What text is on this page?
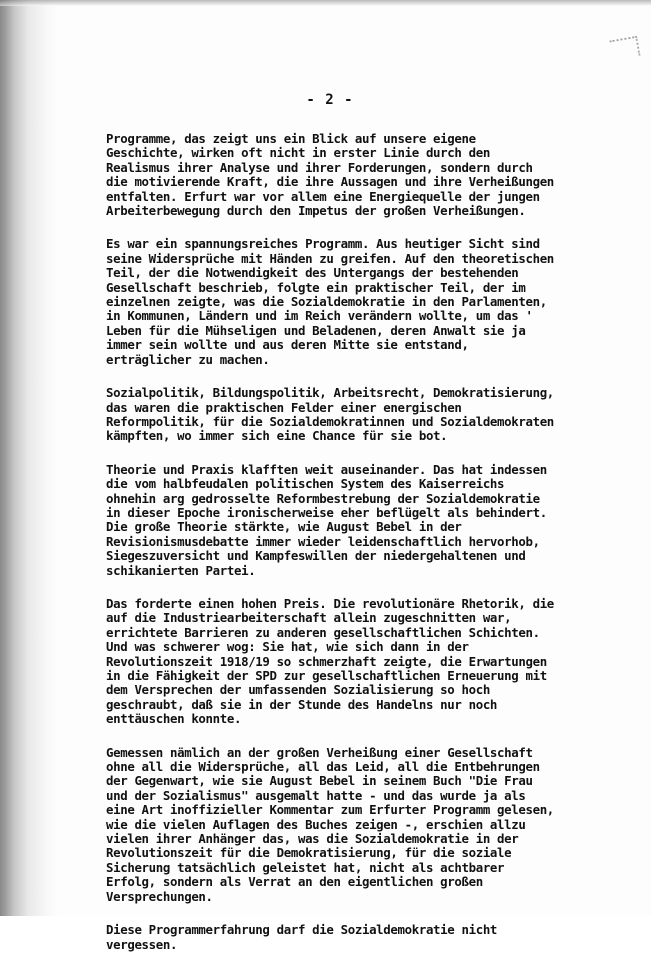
- 2 -
Programme, das zeigt uns ein Blick auf unsere eigene
Geschichte, wirken oft nicht in erster Linie durch den
Realismus ihrer Analyse und ihrer Forderungen, sondern durch
die motivierende Kraft, die ihre Aussagen und ihre Verheißungen
entfalten. Erfurt war vor allem eine Energiequelle der jungen
Arbeiterbewegung durch den Impetus der großen Verheißungen.
Es war ein spannungsreiches Programm. Aus heutiger Sicht sind
seine Widersprüche mit Händen zu greifen. Auf den theoretischen
Teil, der die Notwendigkeit des Untergangs der bestehenden
Gesellschaft beschrieb, folgte ein praktischer Teil, der im
einzelnen zeigte, was die Sozialdemokratie in den Parlamenten,
in Kommunen, Ländern und im Reich verändern wollte, um das '
Leben für die Mühseligen und Beladenen, deren Anwalt sie ja
immer sein wollte und aus deren Mitte sie entstand,
erträglicher zu machen.
Sozialpolitik, Bildungspolitik, Arbeitsrecht, Demokratisierung,
das waren die praktischen Felder einer energischen
Reformpolitik, für die Sozialdemokratinnen und Sozialdemokraten
kämpften, wo immer sich eine Chance für sie bot.
Theorie und Praxis klafften weit auseinander. Das hat indessen
die vom halbfeudalen politischen System des Kaiserreichs
ohnehin arg gedrosselte Reformbestrebung der Sozialdemokratie
in dieser Epoche ironischerweise eher beflügelt als behindert.
Die große Theorie stärkte, wie August Bebel in der
Revisionismusdebatte immer wieder leidenschaftlich hervorhob,
Siegeszuversicht und Kampfeswillen der niedergehaltenen und
schikanierten Partei.
Das forderte einen hohen Preis. Die revolutionäre Rhetorik, die
auf die Industriearbeiterschaft allein zugeschnitten war,
errichtete Barrieren zu anderen gesellschaftlichen Schichten.
Und was schwerer wog: Sie hat, wie sich dann in der
Revolutionszeit 1918/19 so schmerzhaft zeigte, die Erwartungen
in die Fähigkeit der SPD zur gesellschaftlichen Erneuerung mit
dem Versprechen der umfassenden Sozialisierung so hoch
geschraubt, daß sie in der Stunde des Handelns nur noch
enttäuschen konnte.
Gemessen nämlich an der großen Verheißung einer Gesellschaft
ohne all die Widersprüche, all das Leid, all die Entbehrungen
der Gegenwart, wie sie August Bebel in seinem Buch "Die Frau
und der Sozialismus" ausgemalt hatte - und das wurde ja als
eine Art inoffizieller Kommentar zum Erfurter Programm gelesen,
wie die vielen Auflagen des Buches zeigen -, erschien allzu
vielen ihrer Anhänger das, was die Sozialdemokratie in der
Revolutionszeit für die Demokratisierung, für die soziale
Sicherung tatsächlich geleistet hat, nicht als achtbarer
Erfolg, sondern als Verrat an den eigentlichen großen
Versprechungen.
Diese Programmerfahrung darf die Sozialdemokratie nicht
vergessen.
